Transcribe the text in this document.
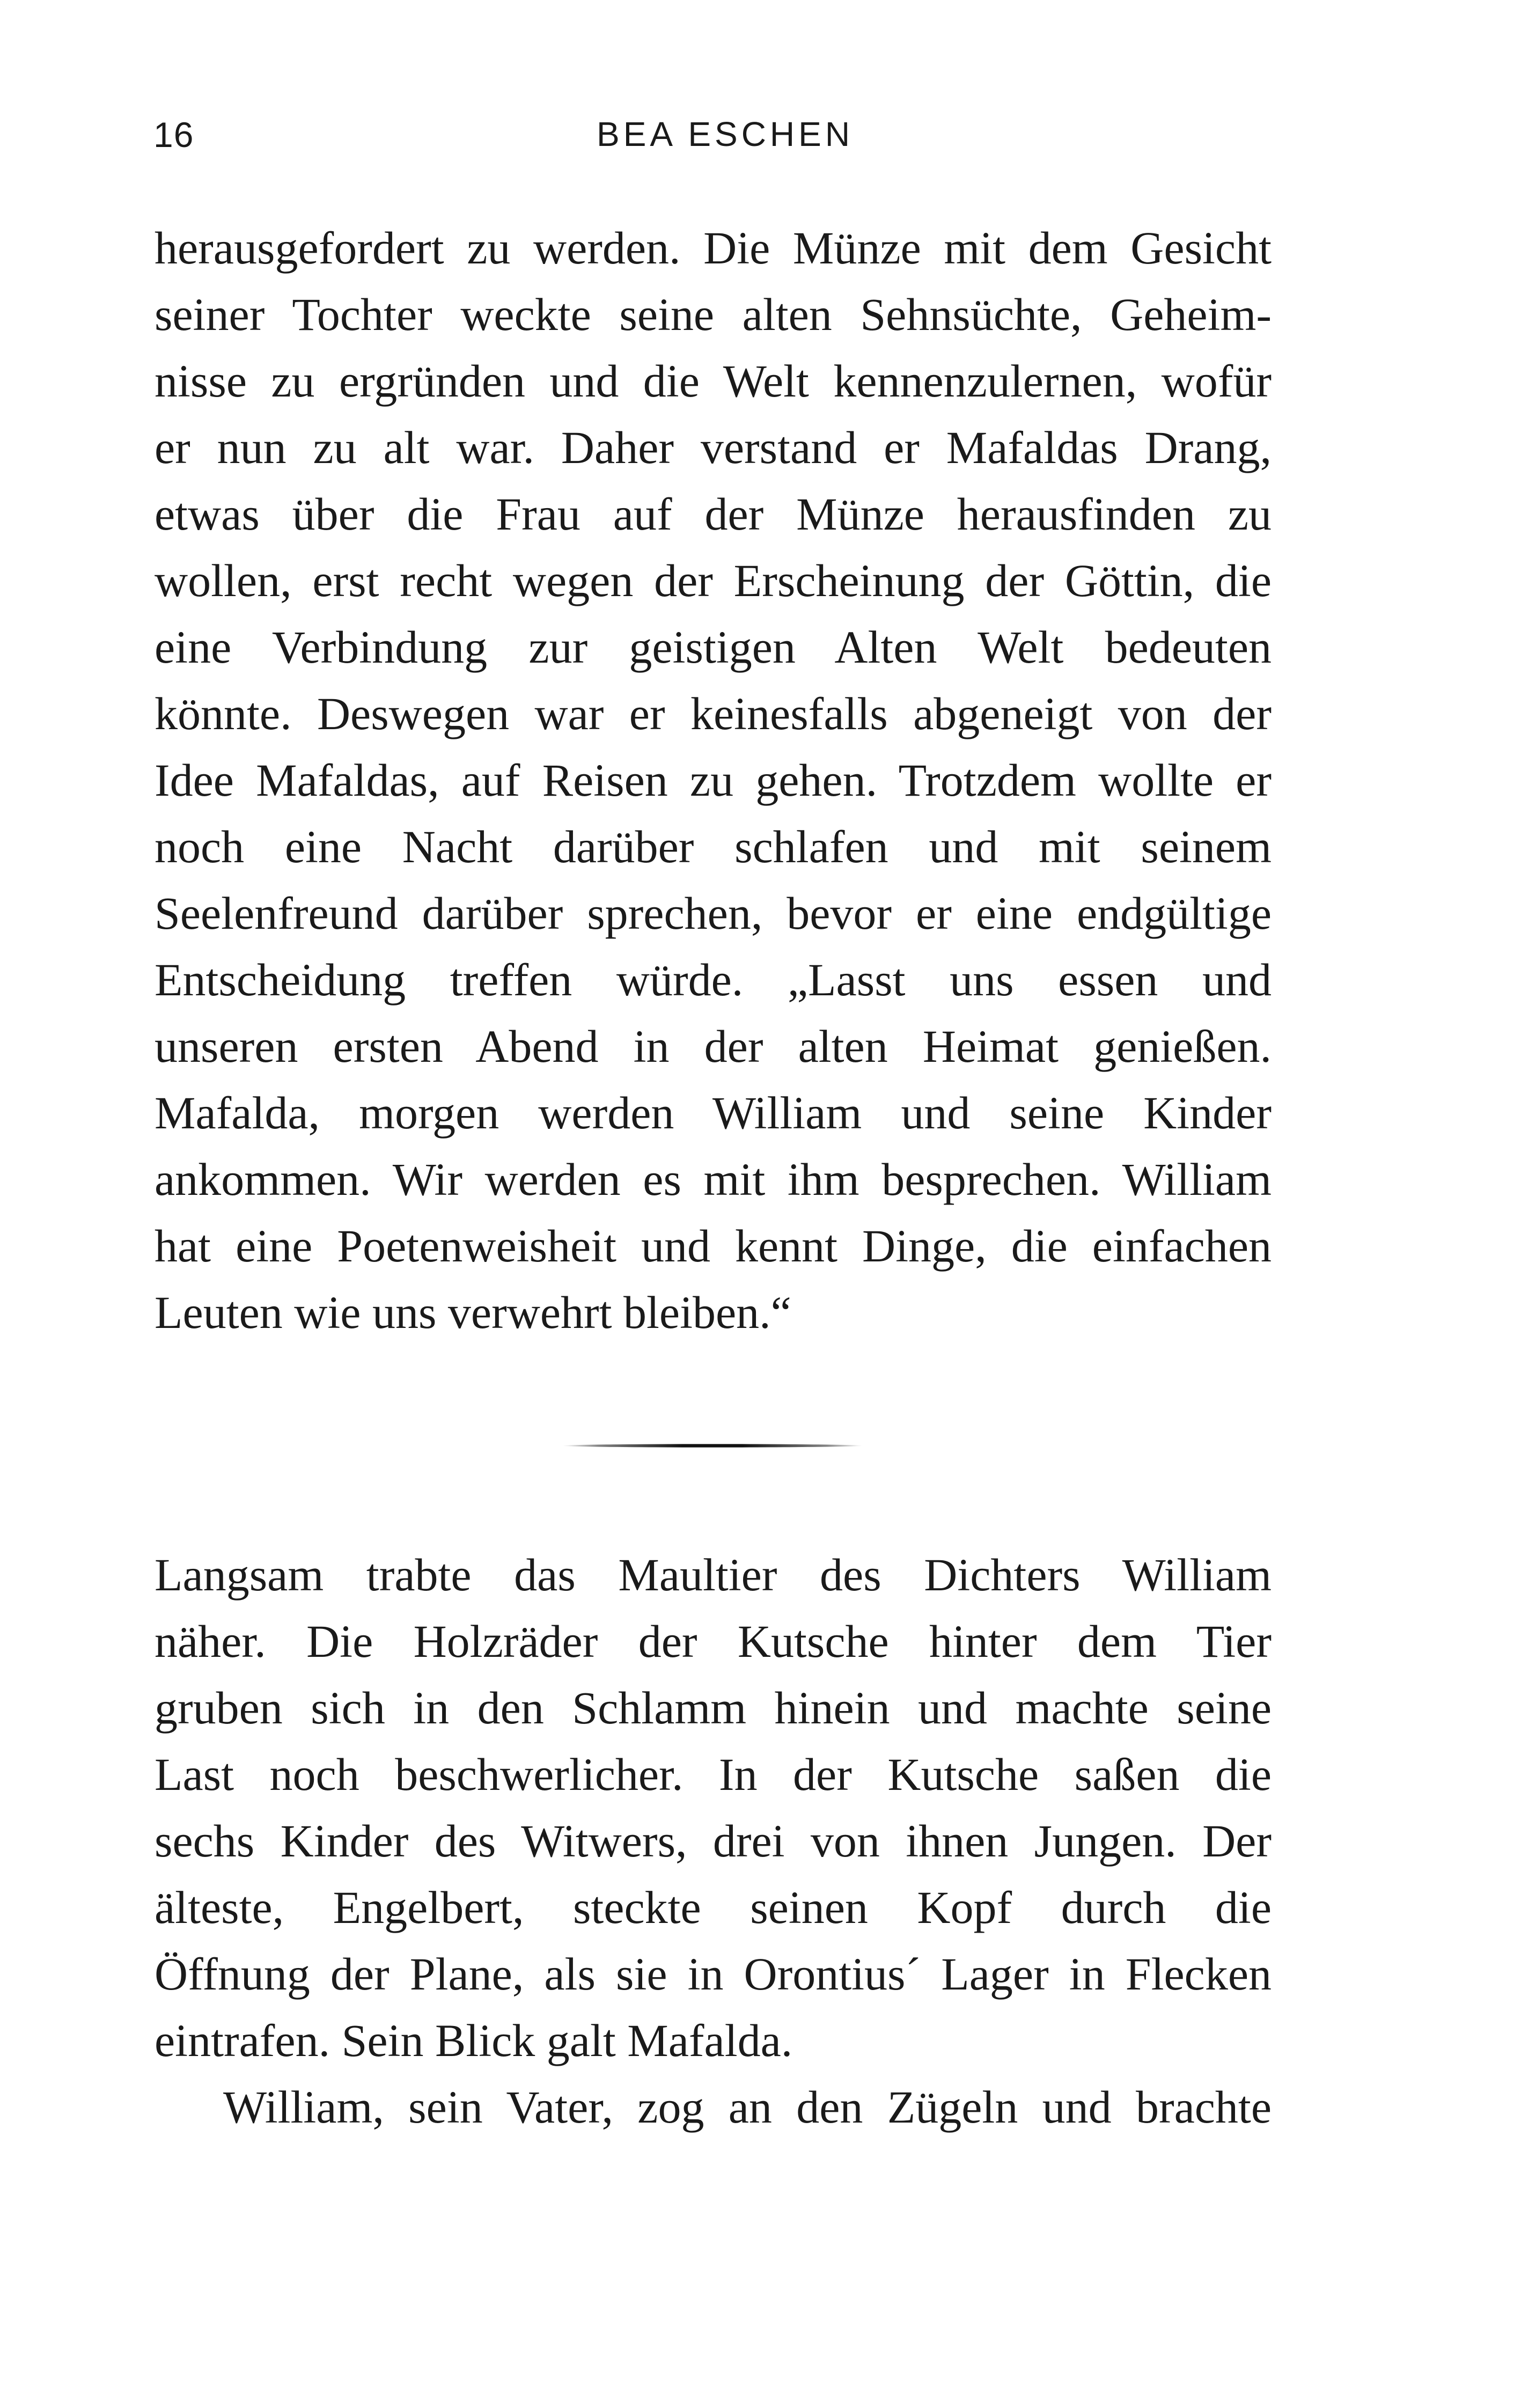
16	BEA ESCHEN
herausgefordert zu werden. Die Münze mit dem Gesicht
seiner Tochter weckte seine alten Sehnsüchte, Geheim-
nisse zu ergründen und die Welt kennenzulernen, wofür
er nun zu alt war. Daher verstand er Mafaldas Drang,
etwas über die Frau auf der Münze herausfinden zu
wollen, erst recht wegen der Erscheinung der Göttin, die
eine Verbindung zur geistigen Alten Welt bedeuten
könnte. Deswegen war er keinesfalls abgeneigt von der
Idee Mafaldas, auf Reisen zu gehen. Trotzdem wollte er
noch eine Nacht darüber schlafen und mit seinem
Seelenfreund darüber sprechen, bevor er eine endgültige
Entscheidung treffen würde. „Lasst uns essen und
unseren ersten Abend in der alten Heimat genießen.
Mafalda, morgen werden William und seine Kinder
ankommen. Wir werden es mit ihm besprechen. William
hat eine Poetenweisheit und kennt Dinge, die einfachen
Leuten wie uns verwehrt bleiben.“
Langsam trabte das Maultier des Dichters William
näher. Die Holzräder der Kutsche hinter dem Tier
gruben sich in den Schlamm hinein und machte seine
Last noch beschwerlicher. In der Kutsche saßen die
sechs Kinder des Witwers, drei von ihnen Jungen. Der
älteste, Engelbert, steckte seinen Kopf durch die
Öffnung der Plane, als sie in Orontius´ Lager in Flecken
eintrafen. Sein Blick galt Mafalda.
William, sein Vater, zog an den Zügeln und brachte
